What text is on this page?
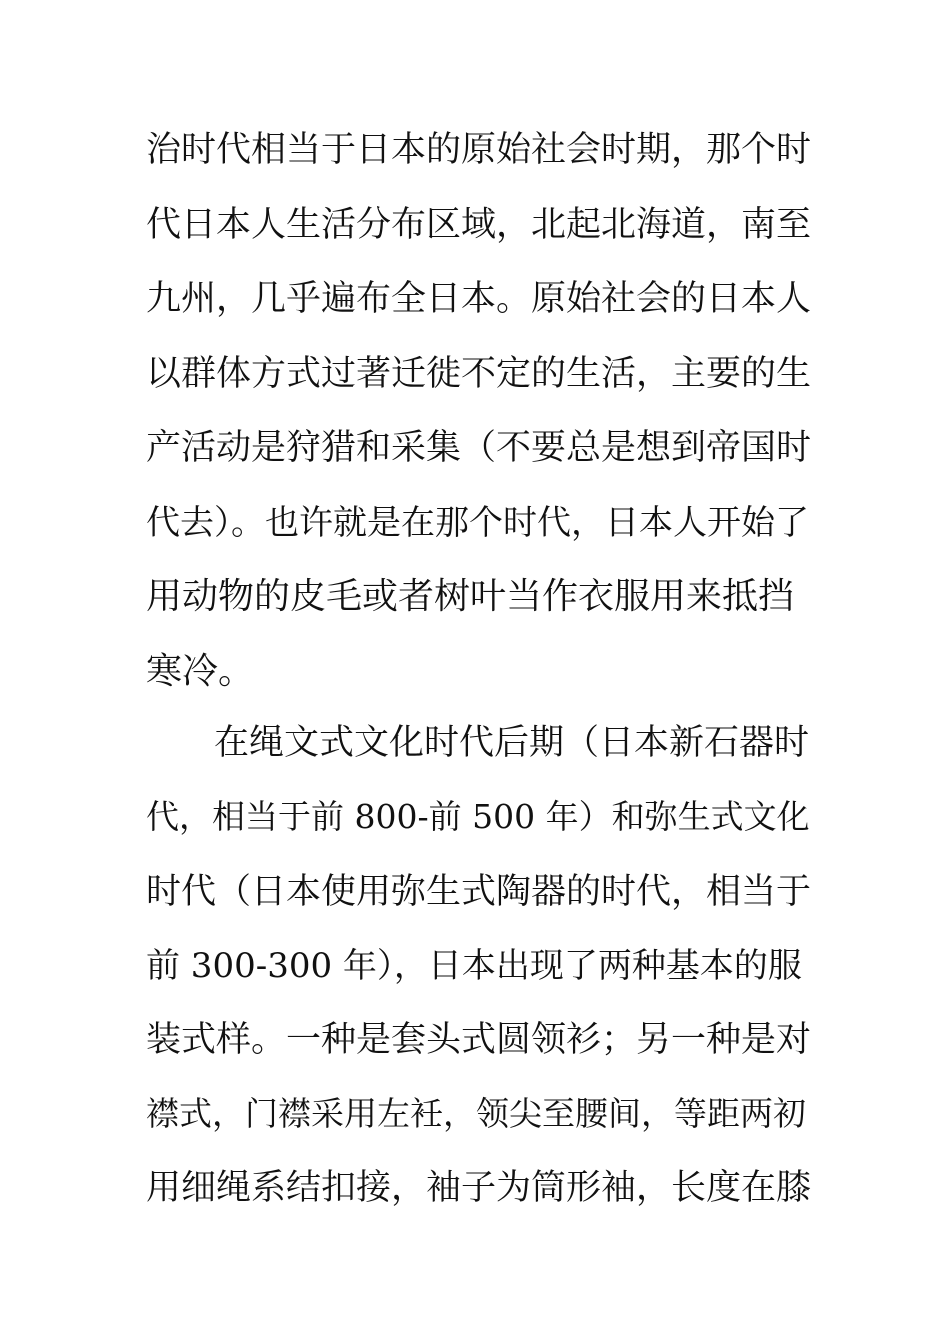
治时代相当于日本的原始社会时期，那个时
代日本人生活分布区域，北起北海道，南至
九州，几乎遍布全日本。原始社会的日本人
以群体方式过著迁徙不定的生活，主要的生
产活动是狩猎和采集（不要总是想到帝国时
代去）。也许就是在那个时代，日本人开始了
用动物的皮毛或者树叶当作衣服用来抵挡
寒冷。
在绳文式文化时代后期（日本新石器时
代，相当于前 800-前 500 年）和弥生式文化
时代（日本使用弥生式陶器的时代，相当于
前 300-300 年），日本出现了两种基本的服
装式样。一种是套头式圆领衫；另一种是对
襟式，门襟采用左衽，领尖至腰间，等距两初
用细绳系结扣接，袖子为筒形袖，长度在膝
